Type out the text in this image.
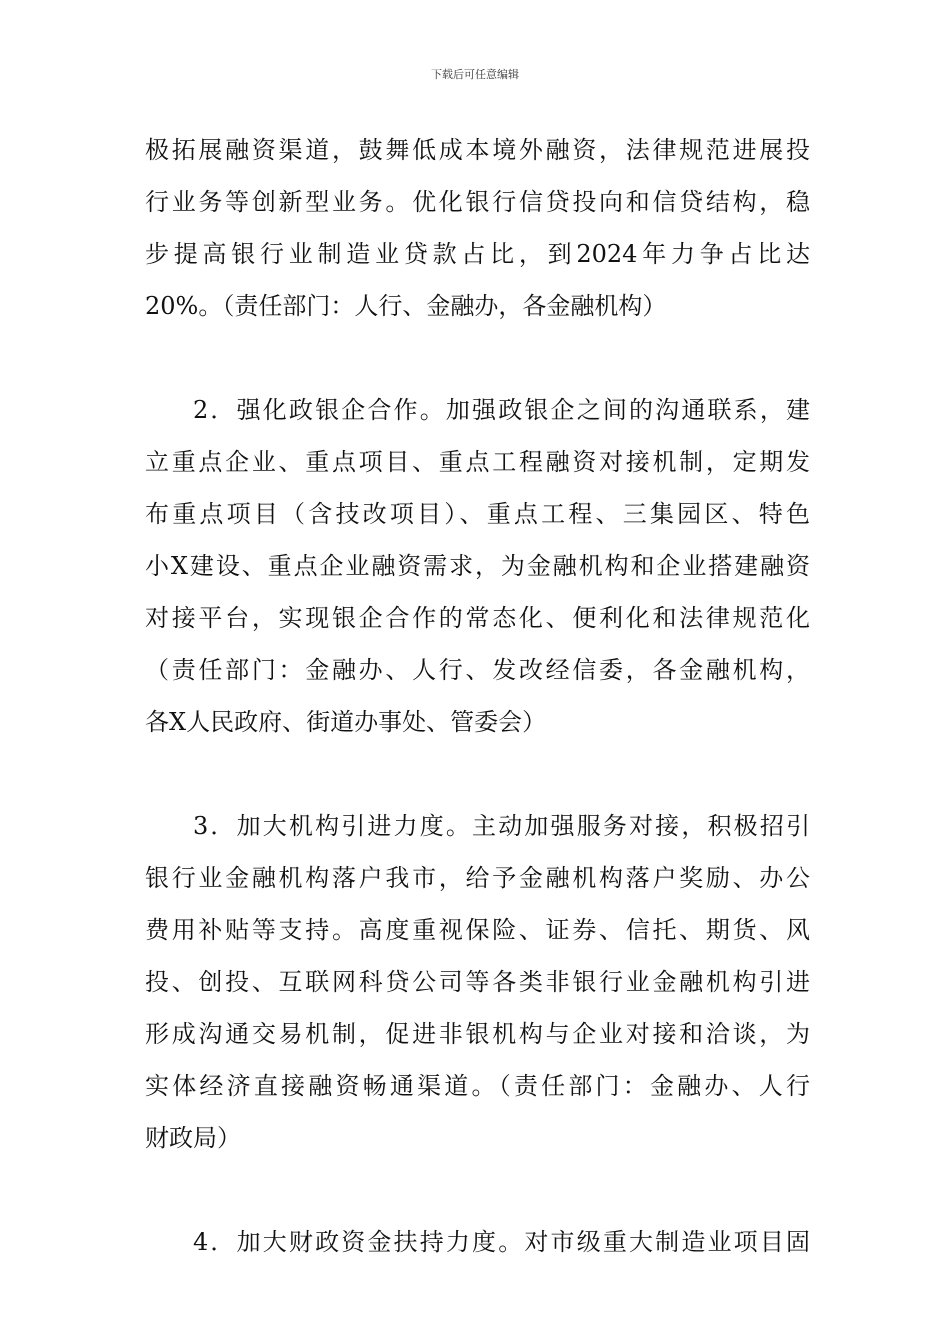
下载后可任意编辑
极拓展融资渠道，鼓舞低成本境外融资，法律规范进展投
行业务等创新型业务。优化银行信贷投向和信贷结构，稳
步提高银行业制造业贷款占比，到2024年力争占比达
20%。（责任部门：人行、金融办，各金融机构）
2．强化政银企合作。加强政银企之间的沟通联系，建
立重点企业、重点项目、重点工程融资对接机制，定期发
布重点项目（含技改项目）、重点工程、三集园区、特色
小X建设、重点企业融资需求，为金融机构和企业搭建融资
对接平台，实现银企合作的常态化、便利化和法律规范化
（责任部门：金融办、人行、发改经信委，各金融机构，
各X人民政府、街道办事处、管委会）
3．加大机构引进力度。主动加强服务对接，积极招引
银行业金融机构落户我市，给予金融机构落户奖励、办公
费用补贴等支持。高度重视保险、证券、信托、期货、风
投、创投、互联网科贷公司等各类非银行业金融机构引进
形成沟通交易机制，促进非银机构与企业对接和洽谈，为
实体经济直接融资畅通渠道。（责任部门：金融办、人行
财政局）
4．加大财政资金扶持力度。对市级重大制造业项目固
